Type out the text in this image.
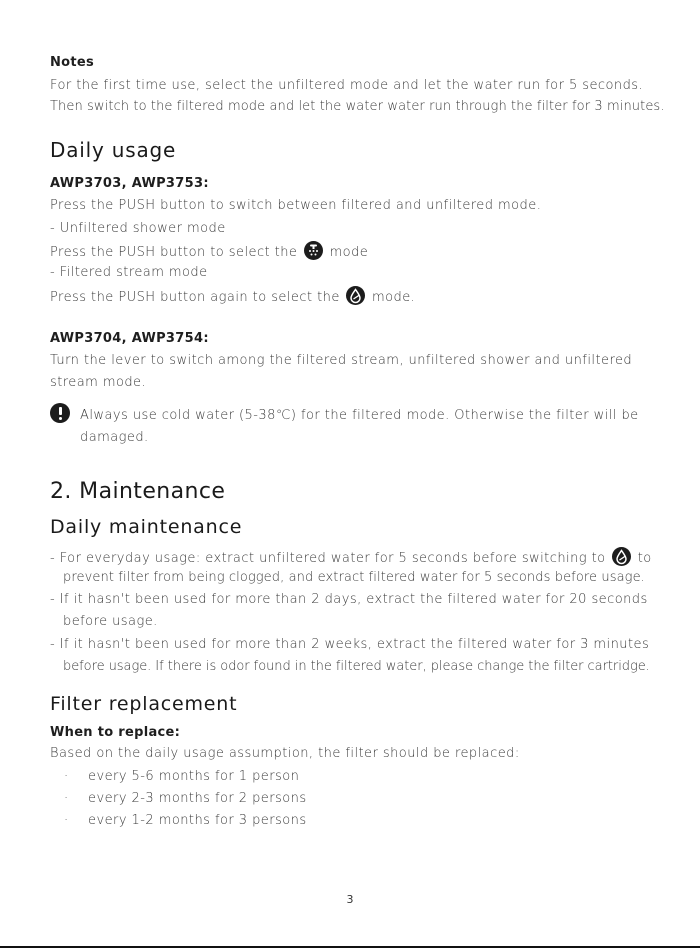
Notes
For the first time use, select the unfiltered mode and let the water run for 5 seconds.
Then switch to the filtered mode and let the water water run through the filter for 3 minutes.
Daily usage
AWP3703, AWP3753:
Press the PUSH button to switch between filtered and unfiltered mode.
- Unfiltered shower mode
Press the PUSH button to select the mode
- Filtered stream mode
Press the PUSH button again to select the mode.
AWP3704, AWP3754:
Turn the lever to switch among the filtered stream, unfiltered shower and unfiltered
stream mode.
Always use cold water (5-38℃) for the filtered mode. Otherwise the filter will be
damaged.
2. Maintenance
Daily maintenance
- For everyday usage: extract unfiltered water for 5 seconds before switching to to
prevent filter from being clogged, and extract filtered water for 5 seconds before usage.
- If it hasn't been used for more than 2 days, extract the filtered water for 20 seconds
before usage.
- If it hasn't been used for more than 2 weeks, extract the filtered water for 3 minutes
before usage. If there is odor found in the filtered water, please change the filter cartridge.
Filter replacement
When to replace:
Based on the daily usage assumption, the filter should be replaced:
· every 5-6 months for 1 person
· every 2-3 months for 2 persons
· every 1-2 months for 3 persons
3
